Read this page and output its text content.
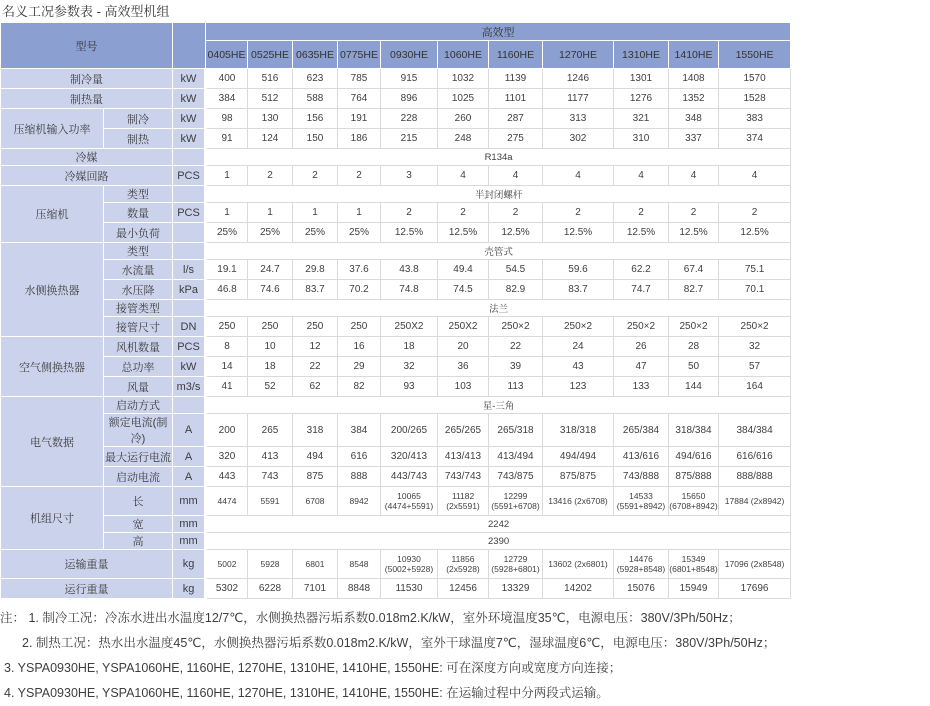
名义工况参数表 - 高效型机组
型号			高效型										
			0405HE	0525HE	0635HE	0775HE	0930HE	1060HE	1160HE	1270HE	1310HE	1410HE	1550HE
制冷量		kW	400	516	623	785	915	1032	1139	1246	1301	1408	1570
制热量		kW	384	512	588	764	896	1025	1101	1177	1276	1352	1528
压缩机输入功率	制冷	kW	98	130	156	191	228	260	287	313	321	348	383
	制热	kW	91	124	150	186	215	248	275	302	310	337	374
冷媒			R134a										
冷媒回路		PCS	1	2	2	2	3	4	4	4	4	4	4
压缩机	类型		半封闭螺杆										
	数量	PCS	1	1	1	1	2	2	2	2	2	2	2
	最小负荷		25%	25%	25%	25%	12.5%	12.5%	12.5%	12.5%	12.5%	12.5%	12.5%
水侧换热器	类型		壳管式										
	水流量	l/s	19.1	24.7	29.8	37.6	43.8	49.4	54.5	59.6	62.2	67.4	75.1
	水压降	kPa	46.8	74.6	83.7	70.2	74.8	74.5	82.9	83.7	74.7	82.7	70.1
	接管类型		法兰										
	接管尺寸	DN	250	250	250	250	250X2	250X2	250×2	250×2	250×2	250×2	250×2
空气侧换热器	风机数量	PCS	8	10	12	16	18	20	22	24	26	28	32
	总功率	kW	14	18	22	29	32	36	39	43	47	50	57
	风量	m3/s	41	52	62	82	93	103	113	123	133	144	164
电气数据	启动方式		星-三角										
	额定电流(制冷)	A	200	265	318	384	200/265	265/265	265/318	318/318	265/384	318/384	384/384
	最大运行电流	A	320	413	494	616	320/413	413/413	413/494	494/494	413/616	494/616	616/616
	启动电流	A	443	743	875	888	443/743	743/743	743/875	875/875	743/888	875/888	888/888
机组尺寸	长	mm	4474	5591	6708	8942	10065 (4474+5591)	11182 (2x5591)	12299 (5591+6708)	13416 (2x6708)	14533 (5591+8942)	15650 (6708+8942)	17884 (2x8942)
	宽	mm	2242										
	高	mm	2390										
运输重量		kg	5002	5928	6801	8548	10930 (5002+5928)	11856 (2x5928)	12729 (5928+6801)	13602 (2x6801)	14476 (5928+8548)	15349 (6801+8548)	17096 (2x8548)
运行重量		kg	5302	6228	7101	8848	11530	12456	13329	14202	15076	15949	17696
注： 1. 制冷工况：冷冻水进出水温度12/7℃，水侧换热器污垢系数0.018m2.K/kW，室外环境温度35℃，电源电压：380V/3Ph/50Hz；
2. 制热工况：热水出水温度45℃，水侧换热器污垢系数0.018m2.K/kW，室外干球温度7℃，湿球温度6℃，电源电压：380V/3Ph/50Hz；
3. YSPA0930HE, YSPA1060HE, 1160HE, 1270HE, 1310HE, 1410HE, 1550HE: 可在深度方向或宽度方向连接；
4. YSPA0930HE, YSPA1060HE, 1160HE, 1270HE, 1310HE, 1410HE, 1550HE: 在运输过程中分两段式运输。
